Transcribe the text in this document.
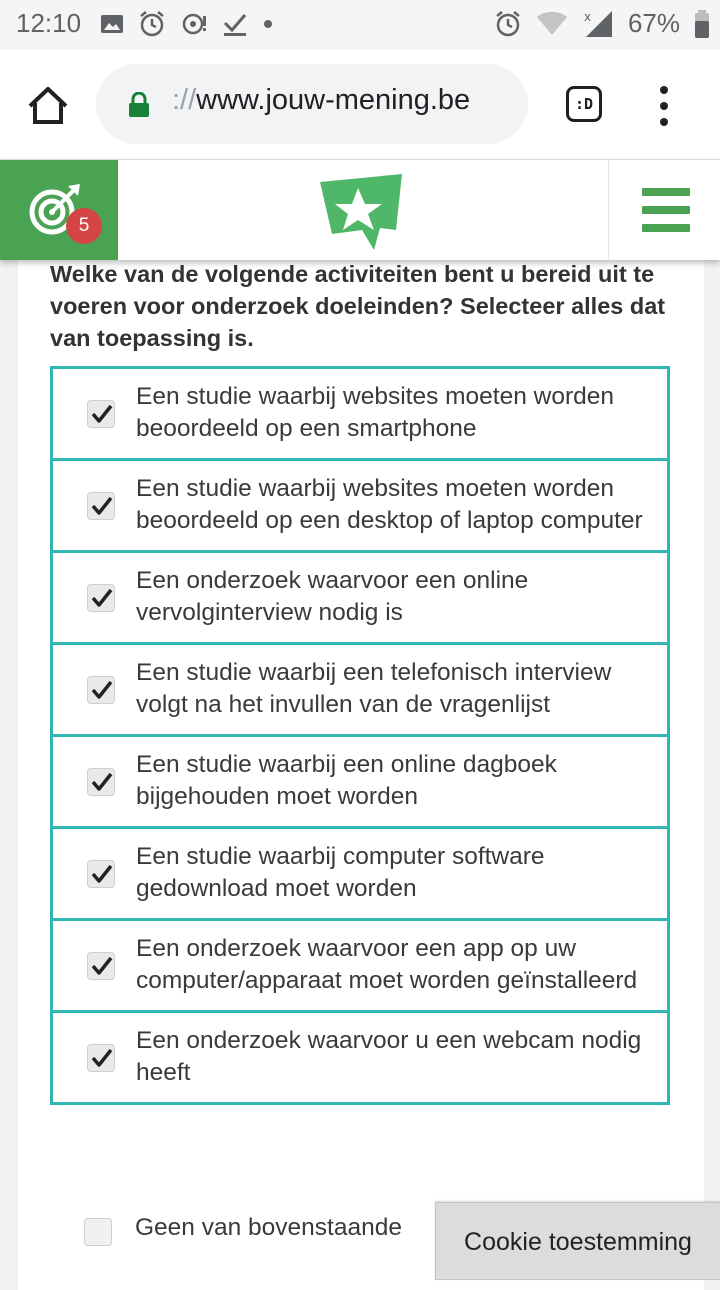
12:10	x 67%
://www.jouw-mening.be	:D
5
Welke van de volgende activiteiten bent u bereid uit te voeren voor onderzoek doeleinden? Selecteer alles dat van toepassing is.
Een studie waarbij websites moeten worden beoordeeld op een smartphone
Een studie waarbij websites moeten worden beoordeeld op een desktop of laptop computer
Een onderzoek waarvoor een online vervolginterview nodig is
Een studie waarbij een telefonisch interview volgt na het invullen van de vragenlijst
Een studie waarbij een online dagboek bijgehouden moet worden
Een studie waarbij computer software gedownload moet worden
Een onderzoek waarvoor een app op uw computer/apparaat moet worden geïnstalleerd
Een onderzoek waarvoor u een webcam nodig heeft
Geen van bovenstaande
Cookie toestemming
